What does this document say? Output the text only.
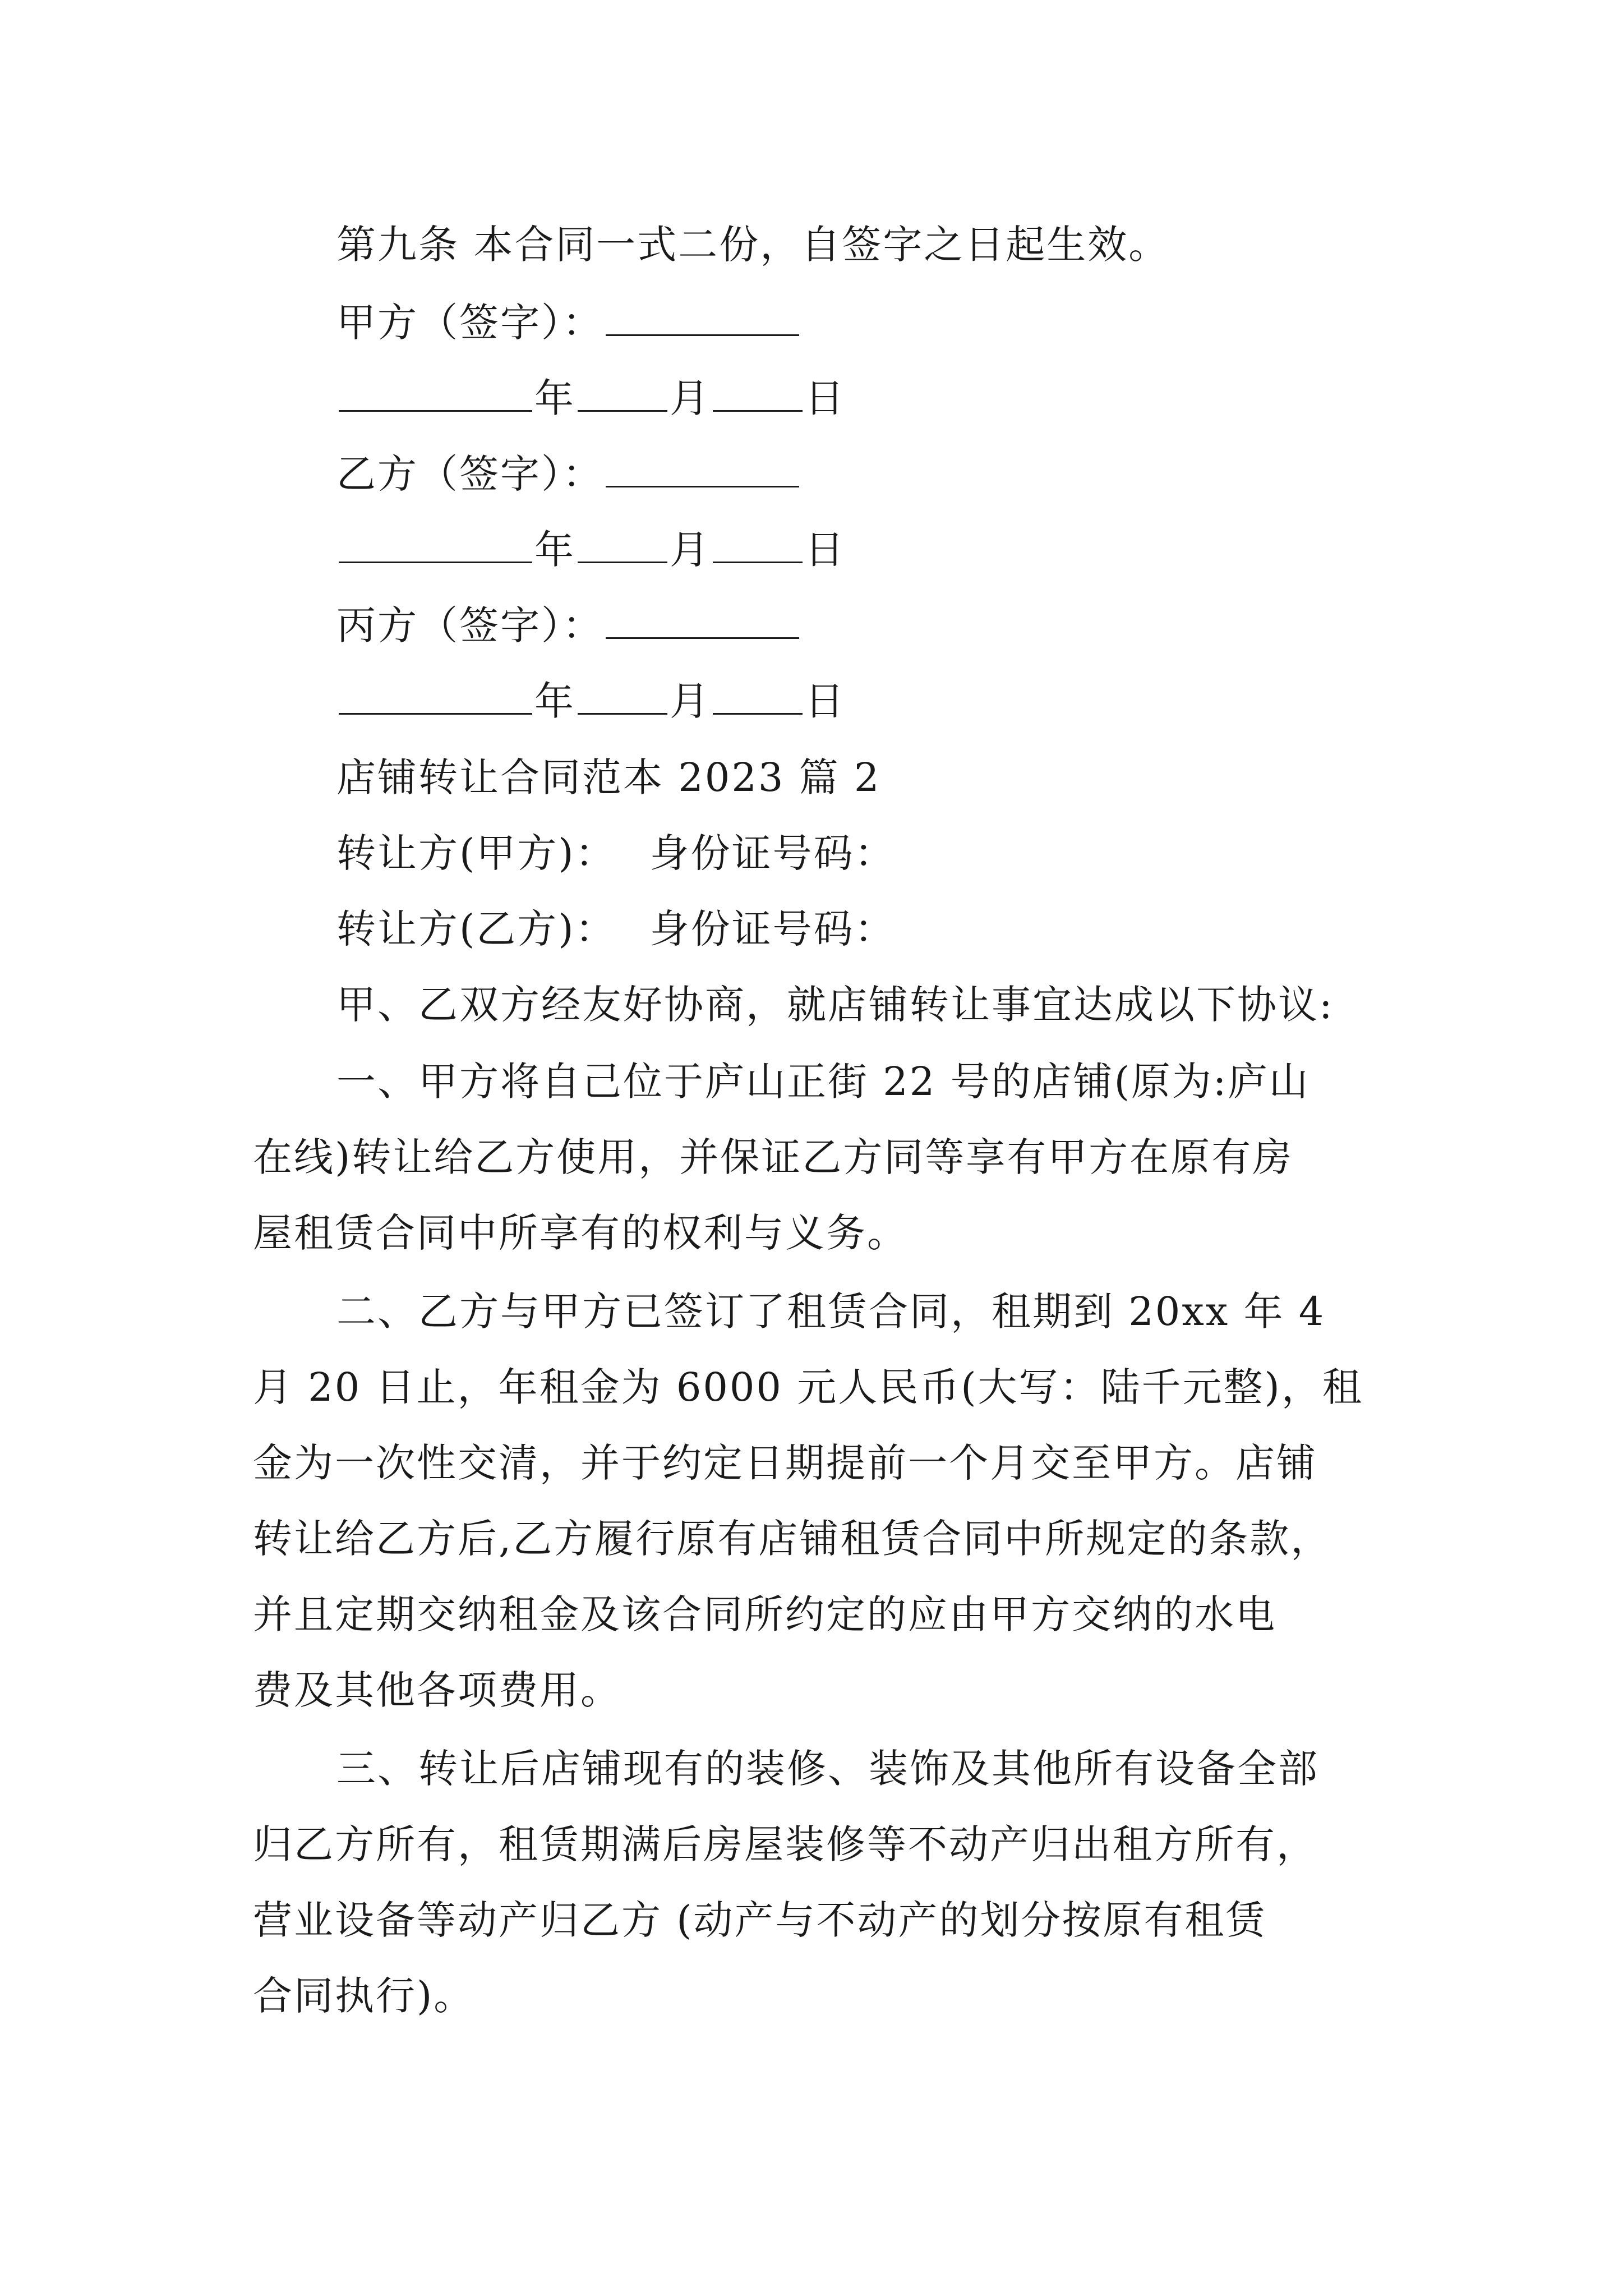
第九条 本合同一式二份，自签字之日起生效。
甲方（签字）：
年 月 日
乙方（签字）：
年 月 日
丙方（签字）：
年 月 日
店铺转让合同范本 2023 篇 2
转让方(甲方)： 身份证号码：
转让方(乙方)： 身份证号码：
甲、乙双方经友好协商，就店铺转让事宜达成以下协议:
一、甲方将自己位于庐山正街 22 号的店铺(原为:庐山
在线)转让给乙方使用，并保证乙方同等享有甲方在原有房
屋租赁合同中所享有的权利与义务。
二、乙方与甲方已签订了租赁合同，租期到 20xx 年 4
月 20 日止，年租金为 6000 元人民币(大写：陆千元整)，租
金为一次性交清，并于约定日期提前一个月交至甲方。店铺
转让给乙方后,乙方履行原有店铺租赁合同中所规定的条款，
并且定期交纳租金及该合同所约定的应由甲方交纳的水电
费及其他各项费用。
三、转让后店铺现有的装修、装饰及其他所有设备全部
归乙方所有，租赁期满后房屋装修等不动产归出租方所有，
营业设备等动产归乙方 (动产与不动产的划分按原有租赁
合同执行)。
